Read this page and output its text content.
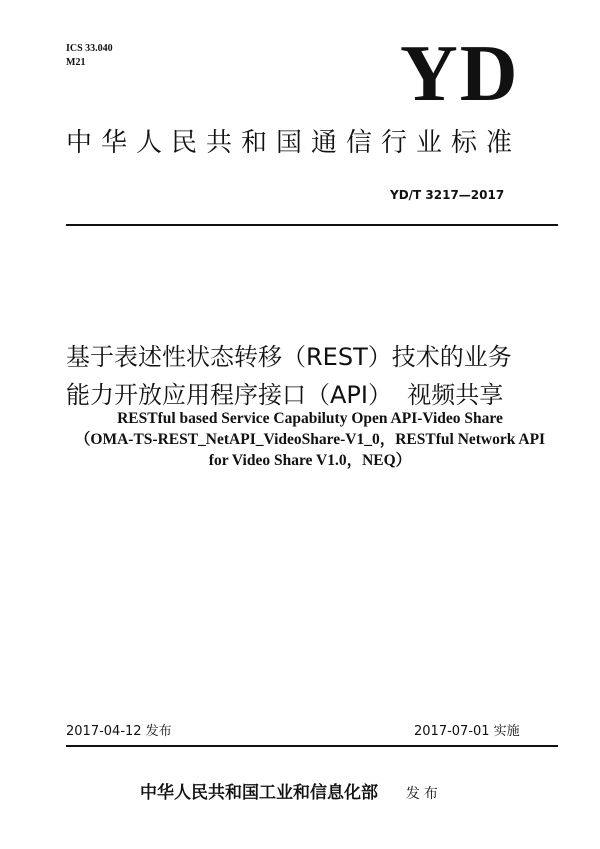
ICS 33.040
M21	YD
中华人民共和国通信行业标准
YD/T 3217—2017
基于表述性状态转移（REST）技术的业务
能力开放应用程序接口（API）  视频共享
RESTful based Service Capabiluty Open API-Video Share
（OMA-TS-REST_NetAPI_VideoShare-V1_0，RESTful Network API
for Video Share V1.0，NEQ）
2017-04-12 发布	2017-07-01 实施
中华人民共和国工业和信息化部 发布
